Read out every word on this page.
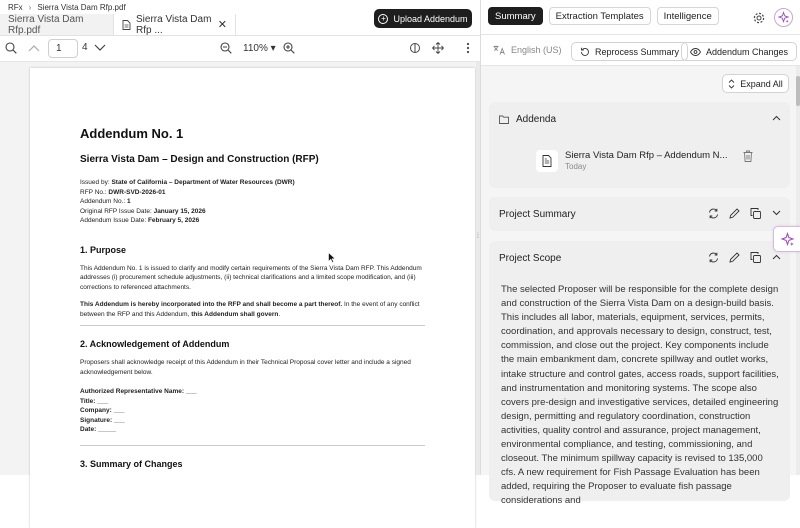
RFx › Sierra Vista Dam Rfp.pdf
Sierra Vista Dam Rfp.pdf
Sierra Vista Dam Rfp ...	✕
+ Upload Addendum
1	4	110% ▾
Addendum No. 1
Sierra Vista Dam – Design and Construction (RFP)
Issued by: State of California – Department of Water Resources (DWR)
RFP No.: DWR-SVD-2026-01
Addendum No.: 1
Original RFP Issue Date: January 15, 2026
Addendum Issue Date: February 5, 2026
1. Purpose

This Addendum No. 1 is issued to clarify and modify certain requirements of the Sierra Vista Dam RFP. This Addendum addresses (i) procurement schedule adjustments, (ii) technical clarifications and a limited scope modification, and (iii) corrections to referenced attachments.

This Addendum is hereby incorporated into the RFP and shall become a part thereof. In the event of any conflict between the RFP and this Addendum, this Addendum shall govern.

2. Acknowledgement of Addendum

Proposers shall acknowledge receipt of this Addendum in their Technical Proposal cover letter and include a signed acknowledgement below.

Authorized Representative Name: ___
Title: ___
Company: ___
Signature: ___
Date: _____
3. Summary of Changes
⁞
Summary	Extraction Templates	Intelligence
English (US)	Reprocess Summary	Addendum Changes
Expand All
Addenda
Sierra Vista Dam Rfp – Addendum N...
Today
Project Summary
Project Scope
The selected Proposer will be responsible for the complete design and construction of the Sierra Vista Dam on a design-build basis. This includes all labor, materials, equipment, services, permits, coordination, and approvals necessary to design, construct, test, commission, and close out the project. Key components include the main embankment dam, concrete spillway and outlet works, intake structure and control gates, access roads, support facilities, and instrumentation and monitoring systems. The scope also covers pre-design and investigative services, detailed engineering design, permitting and regulatory coordination, construction activities, quality control and assurance, project management, environmental compliance, and testing, commissioning, and closeout. The minimum spillway capacity is revised to 135,000 cfs. A new requirement for Fish Passage Evaluation has been added, requiring the Proposer to evaluate fish passage considerations and
